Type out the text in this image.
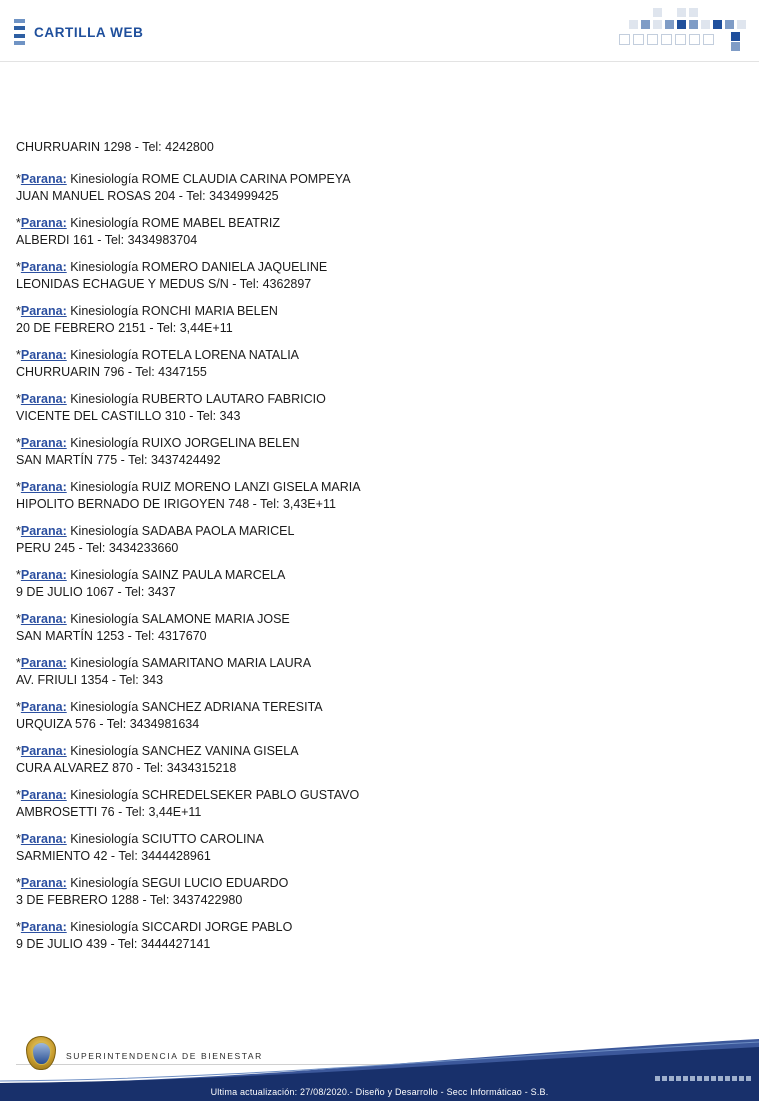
CARTILLA WEB
CHURRUARIN 1298 - Tel: 4242800
*Parana: Kinesiología ROME CLAUDIA CARINA POMPEYA
JUAN MANUEL ROSAS 204 - Tel: 3434999425
*Parana: Kinesiología ROME MABEL BEATRIZ
ALBERDI 161 - Tel: 3434983704
*Parana: Kinesiología ROMERO DANIELA JAQUELINE
LEONIDAS ECHAGUE Y MEDUS S/N - Tel: 4362897
*Parana: Kinesiología RONCHI MARIA BELEN
20 DE FEBRERO 2151 - Tel: 3,44E+11
*Parana: Kinesiología ROTELA LORENA NATALIA
CHURRUARIN 796 - Tel: 4347155
*Parana: Kinesiología RUBERTO LAUTARO FABRICIO
VICENTE DEL CASTILLO 310 - Tel: 343
*Parana: Kinesiología RUIXO JORGELINA BELEN
SAN MARTÍN 775 - Tel: 3437424492
*Parana: Kinesiología RUIZ MORENO LANZI GISELA MARIA
HIPOLITO BERNADO DE IRIGOYEN 748 - Tel: 3,43E+11
*Parana: Kinesiología SADABA PAOLA MARICEL
PERU 245 - Tel: 3434233660
*Parana: Kinesiología SAINZ PAULA MARCELA
9 DE JULIO 1067 - Tel: 3437
*Parana: Kinesiología SALAMONE MARIA JOSE
SAN MARTÍN 1253 - Tel: 4317670
*Parana: Kinesiología SAMARITANO MARIA LAURA
AV. FRIULI 1354 - Tel: 343
*Parana: Kinesiología SANCHEZ ADRIANA TERESITA
URQUIZA 576 - Tel: 3434981634
*Parana: Kinesiología SANCHEZ VANINA GISELA
CURA ALVAREZ 870 - Tel: 3434315218
*Parana: Kinesiología SCHREDELSEKER PABLO GUSTAVO
AMBROSETTI 76 - Tel: 3,44E+11
*Parana: Kinesiología SCIUTTO CAROLINA
SARMIENTO 42 - Tel: 3444428961
*Parana: Kinesiología SEGUI LUCIO EDUARDO
3 DE FEBRERO 1288 - Tel: 3437422980
*Parana: Kinesiología SICCARDI JORGE PABLO
9 DE JULIO 439 - Tel: 3444427141
SUPERINTENDENCIA DE BIENESTAR
Ultima actualización: 27/08/2020.- Diseño y Desarrollo - Secc Informáticao - S.B.
